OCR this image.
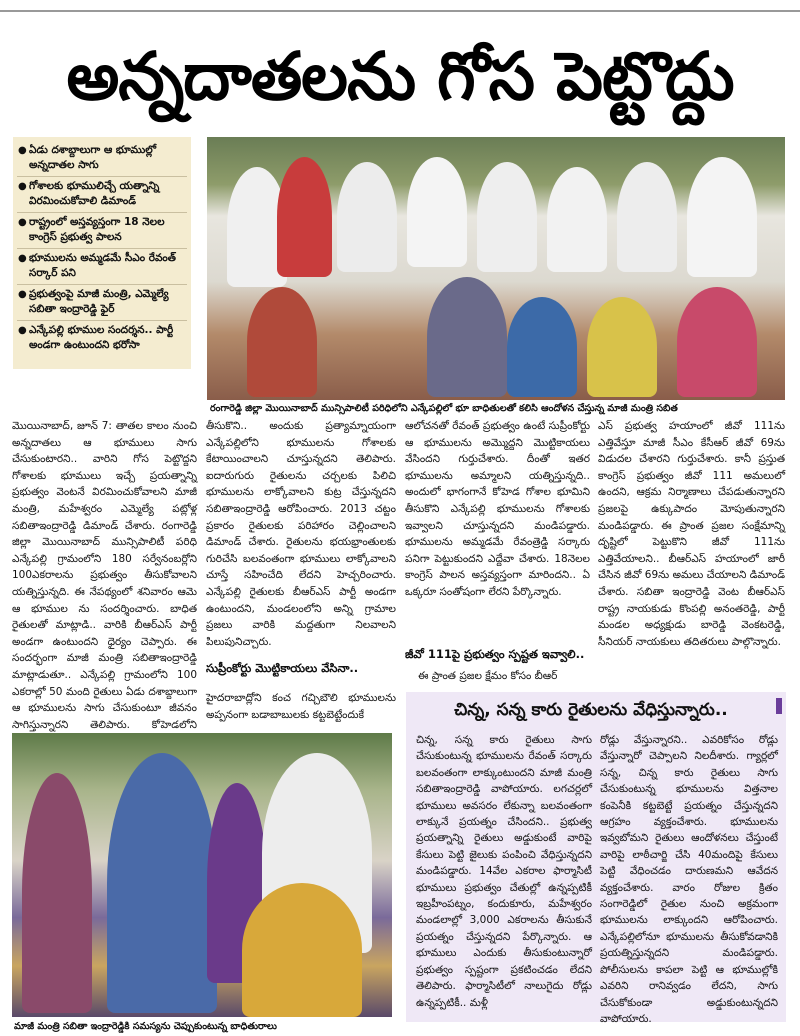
అన్నదాతలను గోస పెట్టొద్దు
● ఏడు దశాబ్దాలుగా ఆ భూముల్లో అన్నదాతల సాగు
● గోశాలకు భూములిచ్చే యత్నాన్ని విరమించుకోవాలి డిమాండ్
● రాష్ట్రంలో అస్తవ్యస్తంగా 18 నెలల కాంగ్రెస్ ప్రభుత్వ పాలన
● భూములను అమ్మడమే సీఎం రేవంత్ సర్కార్ పని
● ప్రభుత్వంపై మాజీ మంత్రి, ఎమ్మెల్యే సబితా ఇంద్రారెడ్డి ఫైర్
● ఎన్కేపల్లి భూముల సందర్శన.. పార్టీ అండగా ఉంటుందని భరోసా
రంగారెడ్డి జిల్లా మొయినాబాద్ మున్సిపాలిటీ పరిధిలోని ఎన్కేపల్లిలో భూ బాధితులతో కలిసి ఆందోళన చేస్తున్న మాజీ మంత్రి సబిత

మొయినాబాద్, జూన్ 7: తాతల కాలం నుంచి అన్నదాతలు ఆ భూములు సాగు చేసుకుంటారని.. వారిని గోస పెట్టొద్దని గోశాలకు భూములు ఇచ్చే ప్రయత్నాన్ని ప్రభుత్వం వెంటనే విరమించుకోవాలని మాజీ మంత్రి, మహేశ్వరం ఎమ్మెల్యే పట్లోళ్ల సబితాఇంద్రారెడ్డి డిమాండ్ చేశారు. రంగారెడ్డి జిల్లా మొయినాబాద్ మున్సిపాలిటీ పరిధి ఎన్కేపల్లి గ్రామంలోని 180 సర్వేనంబర్లోని 100ఎకరాలను ప్రభుత్వం తీసుకోవాలని యత్నిస్తున్నది. ఈ నేపథ్యంలో శనివారం ఆమె ఆ భూముల ను సందర్శించారు. బాధిత రైతులతో మాట్లాడి.. వారికి బీఆర్ఎస్ పార్టీ అండగా ఉంటుందని ధైర్యం చెప్పారు. ఈ సందర్భంగా మాజీ మంత్రి సబితాఇంద్రారెడ్డి మాట్లాడుతూ.. ఎన్కేపల్లి గ్రామంలోని 100 ఎకరాల్లో 50 మంది రైతులు ఏడు దశాబ్దాలుగా ఆ భూములను సాగు చేసుకుంటూ జీవనం సాగిస్తున్నారని తెలిపారు. కోహెడలోని

తీసుకొని.. అందుకు ప్రత్యామ్నాయంగా ఎన్కేపల్లిలోని భూములను గోశాలకు కేటాయించాలని చూస్తున్నదని తెలిపారు. ఐదారుగురు రైతులను చర్చలకు పిలిచి భూములను లాక్కోవాలని కుట్ర చేస్తున్నదని సబితాఇంద్రారెడ్డి ఆరోపించారు. 2013 చట్టం ప్రకారం రైతులకు పరిహారం చెల్లించాలని డిమాండ్ చేశారు. రైతులను భయభ్రాంతులకు గురిచేసి బలవంతంగా భూములు లాక్కోవాలని చూస్తే సహించేది లేదని హెచ్చరించారు. ఎన్కేపల్లి రైతులకు బీఆర్ఎస్ పార్టీ అండగా ఉంటుందని, మండలంలోని అన్ని గ్రామాల ప్రజలు వారికి మద్దతుగా నిలవాలని పిలుపునిచ్చారు.

సుప్రీంకోర్టు మొట్టికాయలు వేసినా..
హైదరాబాద్లోని కంచ గచ్చిబౌలి భూములను అప్పనంగా బడాబాబులకు కట్టబెట్టేందుకే

ఆలోచనతో రేవంత్ ప్రభుత్వం ఉంటే సుప్రీంకోర్టు ఆ భూములను అమ్మొద్దని మొట్టికాయలు వేసిందని గుర్తుచేశారు. దీంతో ఇతర భూములను అమ్మాలని యత్నిస్తున్నది.. అందులో భాగంగానే కోహెడ గోశాల భూమిని తీసుకొని ఎన్కేపల్లి భూములను గోశాలకు ఇవ్వాలని చూస్తున్నదని మండిపడ్డారు. భూములను అమ్మడమే రేవంత్రెడ్డి సర్కారు పనిగా పెట్టుకుందని ఎద్దేవా చేశారు. 18నెలల కాంగ్రెస్ పాలన అస్తవ్యస్తంగా మారిందని.. ఏ ఒక్కరూ సంతోషంగా లేరని పేర్కొన్నారు.

జీవో 111పై ప్రభుత్వం స్పష్టత ఇవ్వాలి..
ఈ ప్రాంత ప్రజల క్షేమం కోసం బీఆర్

ఎస్ ప్రభుత్వ హయాంలో జీవో 111ను ఎత్తివేస్తూ మాజీ సీఎం కేసీఆర్ జీవో 69ను విడుదల చేశారని గుర్తుచేశారు. కానీ ప్రస్తుత కాంగ్రెస్ ప్రభుత్వం జీవో 111 అమలులో ఉందని, ఆక్రమ నిర్మాణాలు చేపడుతున్నారని ప్రజలపై ఉక్కుపాదం మోపుతున్నారని మండిపడ్డారు. ఈ ప్రాంత ప్రజల సంక్షేమాన్ని దృష్టిలో పెట్టుకొని జీవో 111ను ఎత్తివేయాలని.. బీఆర్ఎస్ హయాంలో జారీ చేసిన జీవో 69ను అమలు చేయాలని డిమాండ్ చేశారు. సబితా ఇంద్రారెడ్డి వెంట బీఆర్ఎస్ రాష్ట్ర నాయకుడు కొంపల్లి అనంతరెడ్డి, పార్టీ మండల అధ్యక్షుడు బారెడ్డి వెంకటరెడ్డి, సీనియర్ నాయకులు తదితరులు పాల్గొన్నారు.

చిన్న, సన్న కారు రైతులను వేధిస్తున్నారు..
చిన్న, సన్న కారు రైతులు సాగు చేసుకుంటున్న భూములను రేవంత్ సర్కారు బలవంతంగా లాక్కుంటుందని మాజీ మంత్రి సబితాఇంద్రారెడ్డి వాపోయారు. లగచర్లలో భూములు అవసరం లేకున్నా బలవంతంగా లాక్కునే ప్రయత్నం చేసిందని.. ప్రభుత్వ ప్రయత్నాన్ని రైతులు అడ్డుకుంటే వారిపై కేసులు పెట్టి జైలుకు పంపించి వేధిస్తున్నదని మండిపడ్డారు. 14వేల ఎకరాల ఫార్మాసిటీ భూములు ప్రభుత్వం చేతుల్లో ఉన్నప్పటికీ ఇబ్రహీంపట్నం, కందుకూరు, మహేశ్వరం మండలాల్లో 3,000 ఎకరాలను తీసుకునే ప్రయత్నం చేస్తున్నదని పేర్కొన్నారు. ఆ భూములు ఎందుకు తీసుకుంటున్నారో ప్రభుత్వం స్పష్టంగా ప్రకటించడం లేదని తెలిపారు. ఫార్మాసిటీలో నాలుగైదు రోడ్లు ఉన్నప్పటికీ.. మళ్లీ
రోడ్లు వేస్తున్నారని.. ఎవరికోసం రోడ్లు వేస్తున్నారో చెప్పాలని నిలదీశారు. గ్యార్లలో సన్న, చిన్న కారు రైతులు సాగు చేసుకుంటున్న భూములను విత్తనాల కంపెనీకి కట్టబెట్టే ప్రయత్నం చేస్తున్నదని ఆగ్రహం వ్యక్తంచేశారు. భూములను ఇవ్వబోమని రైతులు ఆందోళనలు చేస్తుంటే వారిపై లాఠీచార్జి చేసి 40మందిపై కేసులు పెట్టి వేధించడం దారుణమని ఆవేదన వ్యక్తంచేశారు. వారం రోజుల క్రితం సంగారెడ్డిలో రైతుల నుంచి అక్రమంగా భూములను లాక్కుందని ఆరోపించారు. ఎన్కేపల్లిలోనూ భూములను తీసుకోవడానికి ప్రయత్నిస్తున్నదని మండిపడ్డారు. పోలీసులను కాపలా పెట్టి ఆ భూముల్లోకి ఎవరిని రానివ్వడం లేదని, సాగు చేసుకోకుండా అడ్డుకుంటున్నదని వాపోయారు.
మాజీ మంత్రి సబితా ఇంద్రారెడ్డికి సమస్యను చెప్పుకుంటున్న బాధితురాలు
